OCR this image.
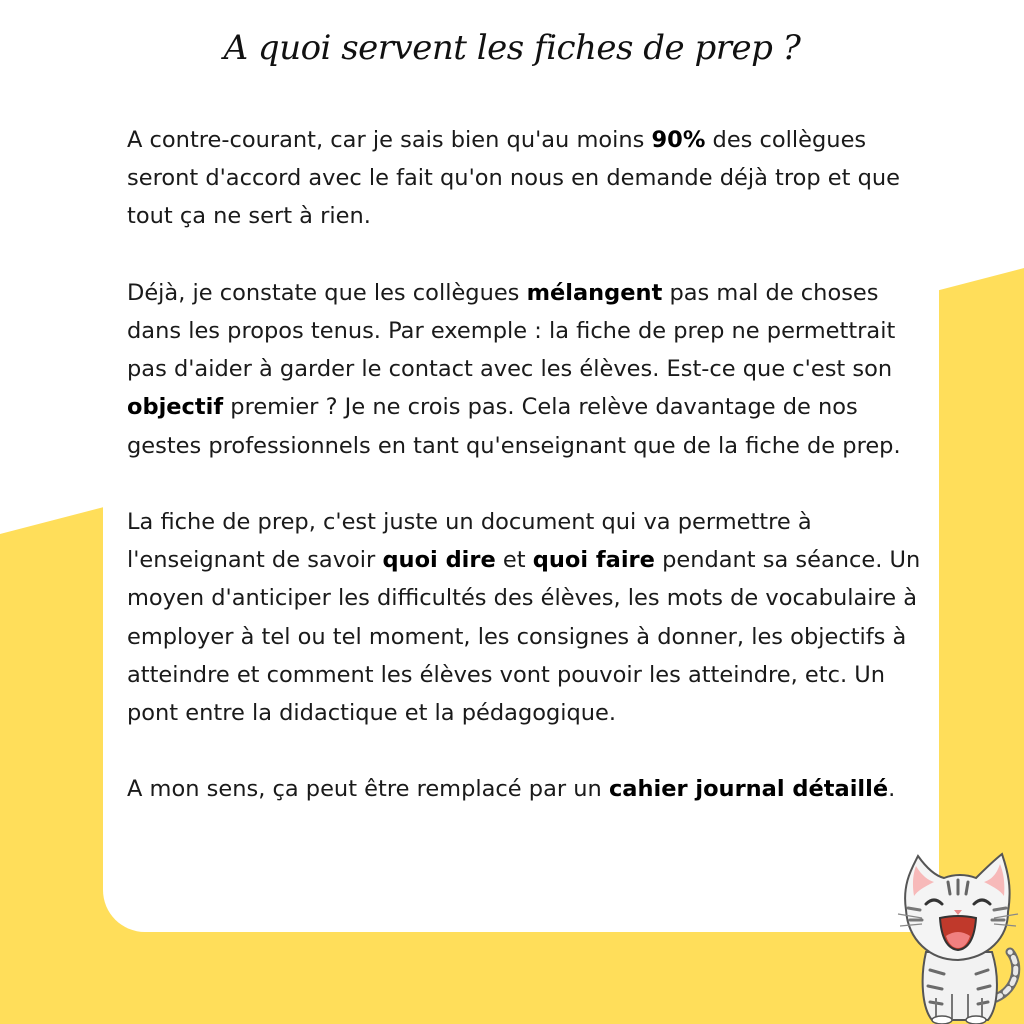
A quoi servent les fiches de prep ?

A contre-courant, car je sais bien qu'au moins 90% des collègues seront d'accord avec le fait qu'on nous en demande déjà trop et que tout ça ne sert à rien.

Déjà, je constate que les collègues mélangent pas mal de choses dans les propos tenus. Par exemple : la fiche de prep ne permettrait pas d'aider à garder le contact avec les élèves. Est-ce que c'est son objectif premier ? Je ne crois pas. Cela relève davantage de nos gestes professionnels en tant qu'enseignant que de la fiche de prep.

La fiche de prep, c'est juste un document qui va permettre à l'enseignant de savoir quoi dire et quoi faire pendant sa séance. Un moyen d'anticiper les difficultés des élèves, les mots de vocabulaire à employer à tel ou tel moment, les consignes à donner, les objectifs à atteindre et comment les élèves vont pouvoir les atteindre, etc. Un pont entre la didactique et la pédagogique.

A mon sens, ça peut être remplacé par un cahier journal détaillé.
